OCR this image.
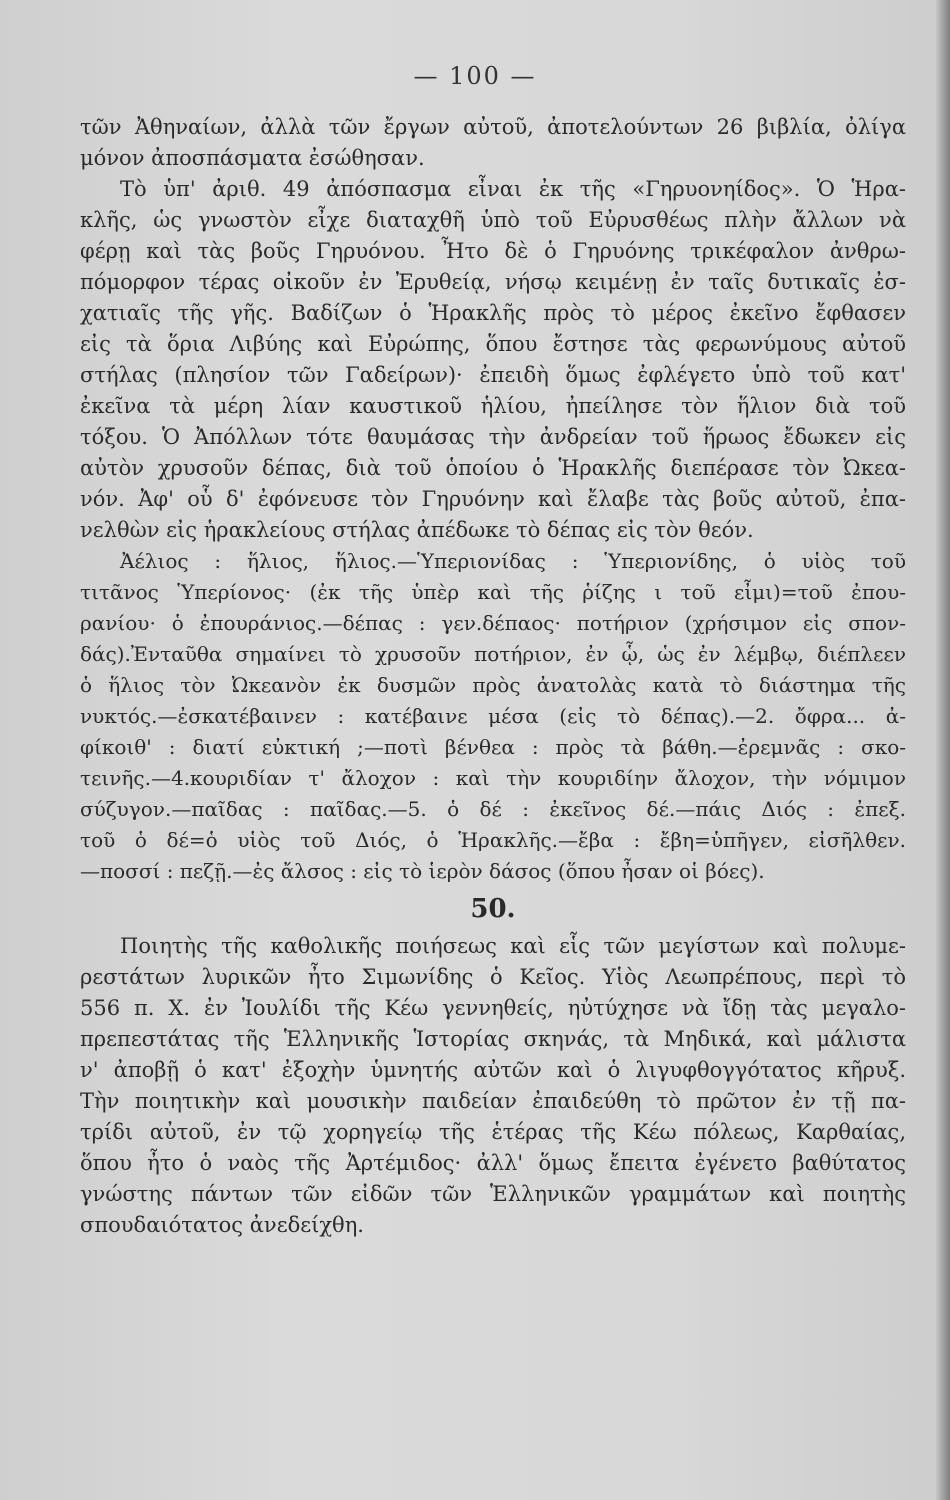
— 100 —
τῶν Ἀθηναίων, ἀλλὰ τῶν ἔργων αὐτοῦ, ἀποτελούντων 26 βιβλία, ὀλίγα
μόνον ἀποσπάσματα ἐσώθησαν.
Τὸ ὑπ' ἀριθ. 49 ἀπόσπασμα εἶναι ἐκ τῆς «Γηρυονηίδος». Ὁ Ἡρα-
κλῆς, ὡς γνωστὸν εἶχε διαταχθῆ ὑπὸ τοῦ Εὐρυσθέως πλὴν ἄλλων νὰ
φέρῃ καὶ τὰς βοῦς Γηρυόνου. Ἦτο δὲ ὁ Γηρυόνης τρικέφαλον ἀνθρω-
πόμορφον τέρας οἰκοῦν ἐν Ἐρυθείᾳ, νήσῳ κειμένῃ ἐν ταῖς δυτικαῖς ἐσ-
χατιαῖς τῆς γῆς. Βαδίζων ὁ Ἡρακλῆς πρὸς τὸ μέρος ἐκεῖνο ἔφθασεν
εἰς τὰ ὅρια Λιβύης καὶ Εὐρώπης, ὅπου ἔστησε τὰς φερωνύμους αὐτοῦ
στήλας (πλησίον τῶν Γαδείρων)· ἐπειδὴ ὅμως ἐφλέγετο ὑπὸ τοῦ κατ'
ἐκεῖνα τὰ μέρη λίαν καυστικοῦ ἡλίου, ἠπείλησε τὸν ἥλιον διὰ τοῦ
τόξου. Ὁ Ἀπόλλων τότε θαυμάσας τὴν ἀνδρείαν τοῦ ἥρωος ἔδωκεν εἰς
αὐτὸν χρυσοῦν δέπας, διὰ τοῦ ὁποίου ὁ Ἡρακλῆς διεπέρασε τὸν Ὠκεα-
νόν. Ἀφ' οὗ δ' ἐφόνευσε τὸν Γηρυόνην καὶ ἔλαβε τὰς βοῦς αὐτοῦ, ἐπα-
νελθὼν εἰς ἡρακλείους στήλας ἀπέδωκε τὸ δέπας εἰς τὸν θεόν.
Ἀέλιος : ἥλιος, ἥλιος.—Ὑπεριονίδας : Ὑπεριονίδης, ὁ υἱὸς τοῦ
τιτᾶνος Ὑπερίονος· (ἐκ τῆς ὑπὲρ καὶ τῆς ῥίζης ι τοῦ εἶμι)=τοῦ ἐπου-
ρανίου· ὁ ἐπουράνιος.—δέπας : γεν.δέπαος· ποτήριον (χρήσιμον εἰς σπον-
δάς).Ἐνταῦθα σημαίνει τὸ χρυσοῦν ποτήριον, ἐν ᾧ, ὡς ἐν λέμβῳ, διέπλεεν
ὁ ἥλιος τὸν Ὠκεανὸν ἐκ δυσμῶν πρὸς ἀνατολὰς κατὰ τὸ διάστημα τῆς
νυκτός.—ἐσκατέβαινεν : κατέβαινε μέσα (εἰς τὸ δέπας).—2. ὄφρα... ἀ-
φίκοιθ' : διατί εὐκτική ;—ποτὶ βένθεα : πρὸς τὰ βάθη.—ἐρεμνᾶς : σκο-
τεινῆς.—4.κουριδίαν τ' ἄλοχον : καὶ τὴν κουριδίην ἄλοχον, τὴν νόμιμον
σύζυγον.—παῖδας : παῖδας.—5. ὁ δέ : ἐκεῖνος δέ.—πάις Διός : ἐπεξ.
τοῦ ὁ δέ=ὁ υἱὸς τοῦ Διός, ὁ Ἡρακλῆς.—ἔβα : ἔβη=ὑπῆγεν, εἰσῆλθεν.
—ποσσί : πεζῇ.—ἐς ἄλσος : εἰς τὸ ἱερὸν δάσος (ὅπου ἦσαν οἱ βόες).
50.
Ποιητὴς τῆς καθολικῆς ποιήσεως καὶ εἷς τῶν μεγίστων καὶ πολυμε-
ρεστάτων λυρικῶν ἦτο Σιμωνίδης ὁ Κεῖος. Υἱὸς Λεωπρέπους, περὶ τὸ
556 π. Χ. ἐν Ἰουλίδι τῆς Κέω γεννηθείς, ηὐτύχησε νὰ ἴδῃ τὰς μεγαλο-
πρεπεστάτας τῆς Ἑλληνικῆς Ἱστορίας σκηνάς, τὰ Μηδικά, καὶ μάλιστα
ν' ἀποβῇ ὁ κατ' ἐξοχὴν ὑμνητής αὐτῶν καὶ ὁ λιγυφθογγότατος κῆρυξ.
Τὴν ποιητικὴν καὶ μουσικὴν παιδείαν ἐπαιδεύθη τὸ πρῶτον ἐν τῇ πα-
τρίδι αὐτοῦ, ἐν τῷ χορηγείῳ τῆς ἑτέρας τῆς Κέω πόλεως, Καρθαίας,
ὅπου ἦτο ὁ ναὸς τῆς Ἀρτέμιδος· ἀλλ' ὅμως ἔπειτα ἐγένετο βαθύτατος
γνώστης πάντων τῶν εἰδῶν τῶν Ἑλληνικῶν γραμμάτων καὶ ποιητὴς
σπουδαιότατος ἀνεδείχθη.
